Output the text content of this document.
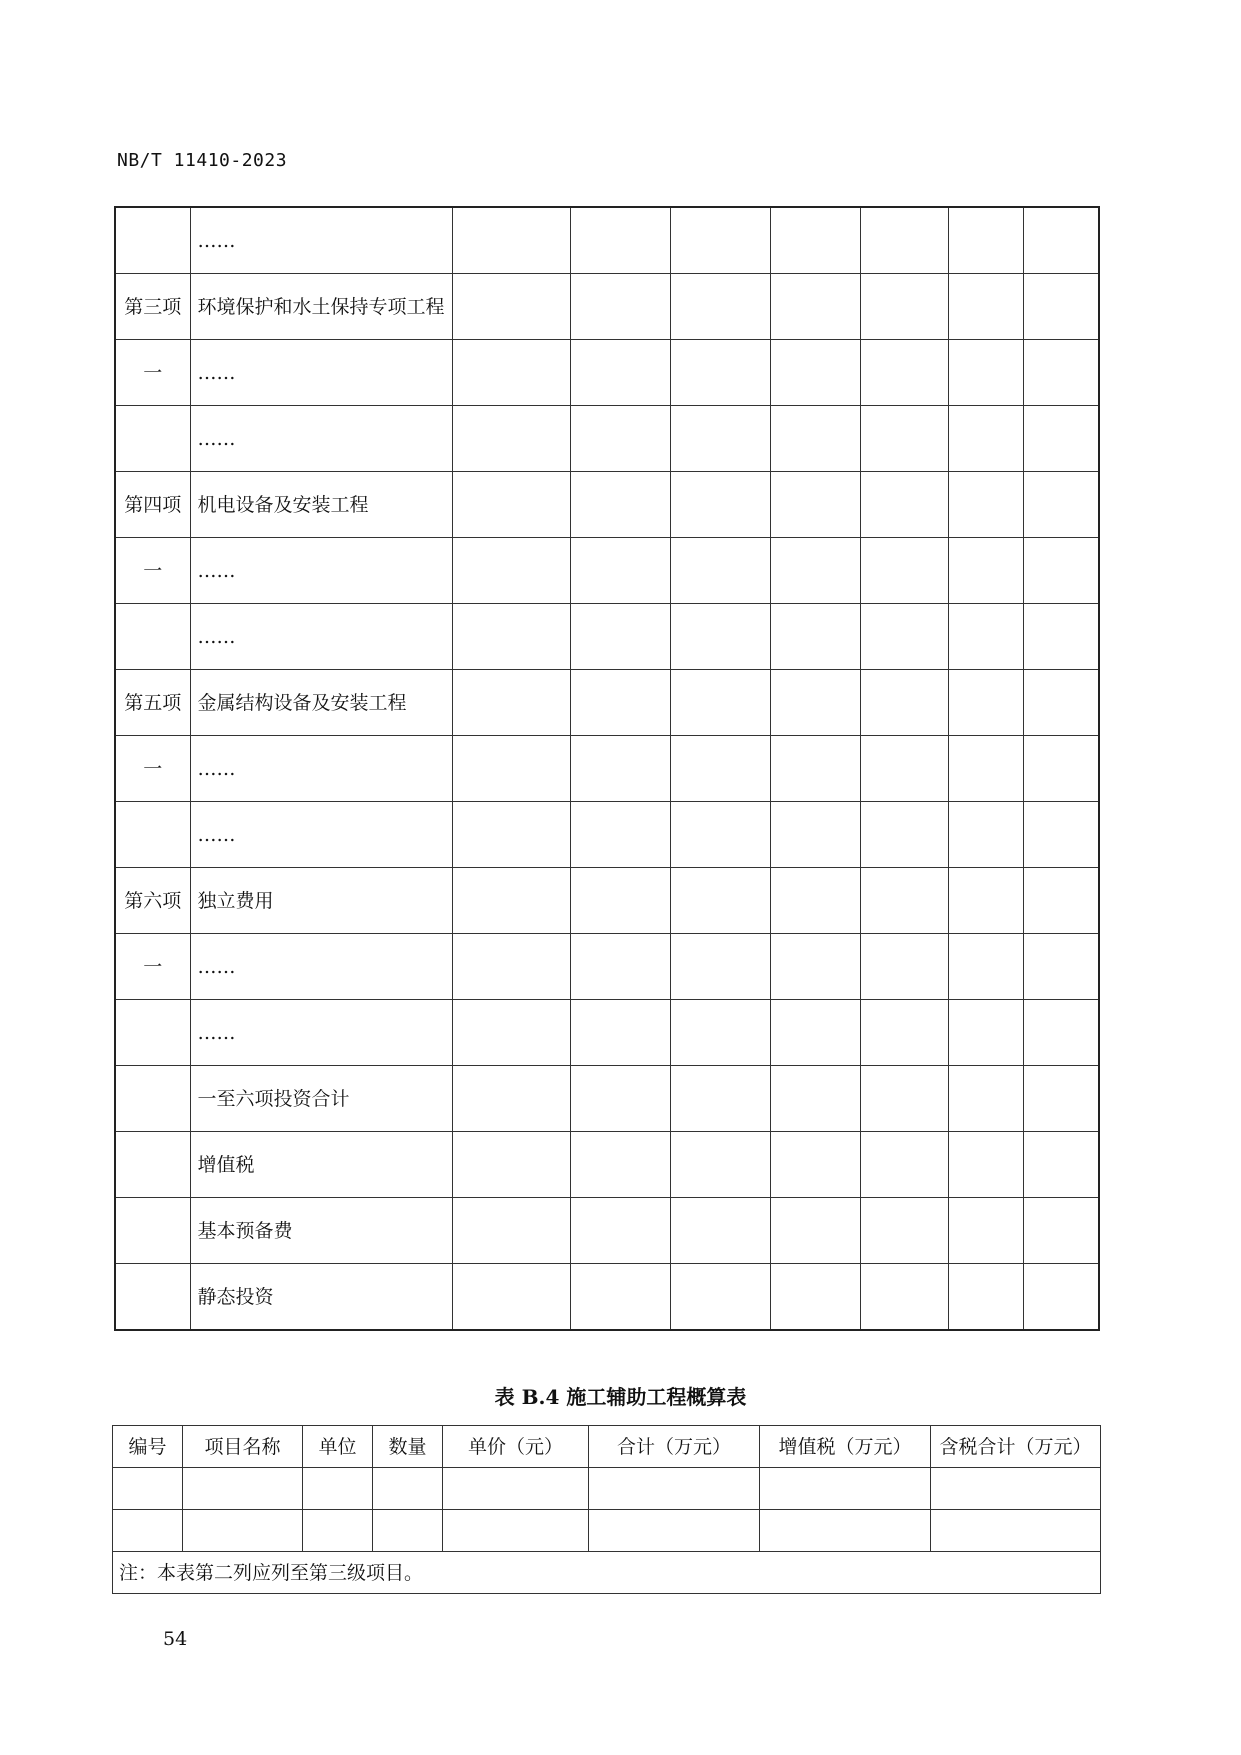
NB/T 11410-2023
	……							
第三项	环境保护和水土保持专项工程							
一	……							
	……							
第四项	机电设备及安装工程							
一	……							
	……							
第五项	金属结构设备及安装工程							
一	……							
	……							
第六项	独立费用							
一	……							
	……							
	一至六项投资合计							
	增值税							
	基本预备费							
	静态投资							
表 B.4 施工辅助工程概算表
编号	项目名称	单位	数量	单价（元）	合计（万元）	增值税（万元）	含税合计（万元）

注：本表第二列应列至第三级项目。							
54
